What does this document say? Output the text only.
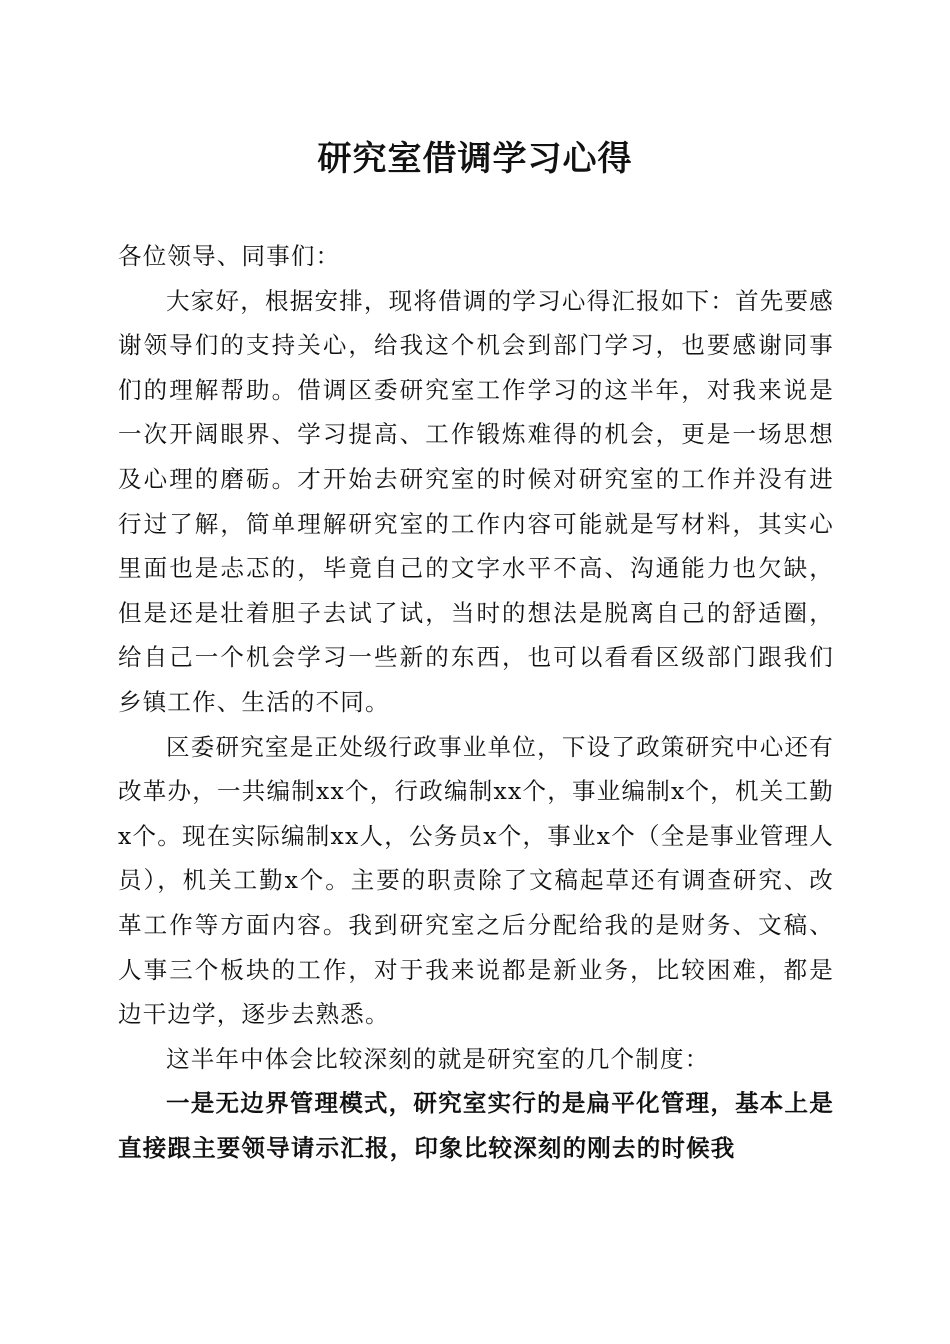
研究室借调学习心得

各位领导、同事们：

大家好，根据安排，现将借调的学习心得汇报如下：首先要感谢领导们的支持关心，给我这个机会到部门学习，也要感谢同事们的理解帮助。借调区委研究室工作学习的这半年，对我来说是一次开阔眼界、学习提高、工作锻炼难得的机会，更是一场思想及心理的磨砺。才开始去研究室的时候对研究室的工作并没有进行过了解，简单理解研究室的工作内容可能就是写材料，其实心里面也是忐忑的，毕竟自己的文字水平不高、沟通能力也欠缺，但是还是壮着胆子去试了试，当时的想法是脱离自己的舒适圈，给自己一个机会学习一些新的东西，也可以看看区级部门跟我们乡镇工作、生活的不同。

区委研究室是正处级行政事业单位，下设了政策研究中心还有改革办，一共编制xx个，行政编制xx个，事业编制x个，机关工勤x个。现在实际编制xx人，公务员x个，事业x个（全是事业管理人员），机关工勤x个。主要的职责除了文稿起草还有调查研究、改革工作等方面内容。我到研究室之后分配给我的是财务、文稿、人事三个板块的工作，对于我来说都是新业务，比较困难，都是边干边学，逐步去熟悉。

这半年中体会比较深刻的就是研究室的几个制度：

一是无边界管理模式，研究室实行的是扁平化管理，基本上是直接跟主要领导请示汇报，印象比较深刻的刚去的时候我
